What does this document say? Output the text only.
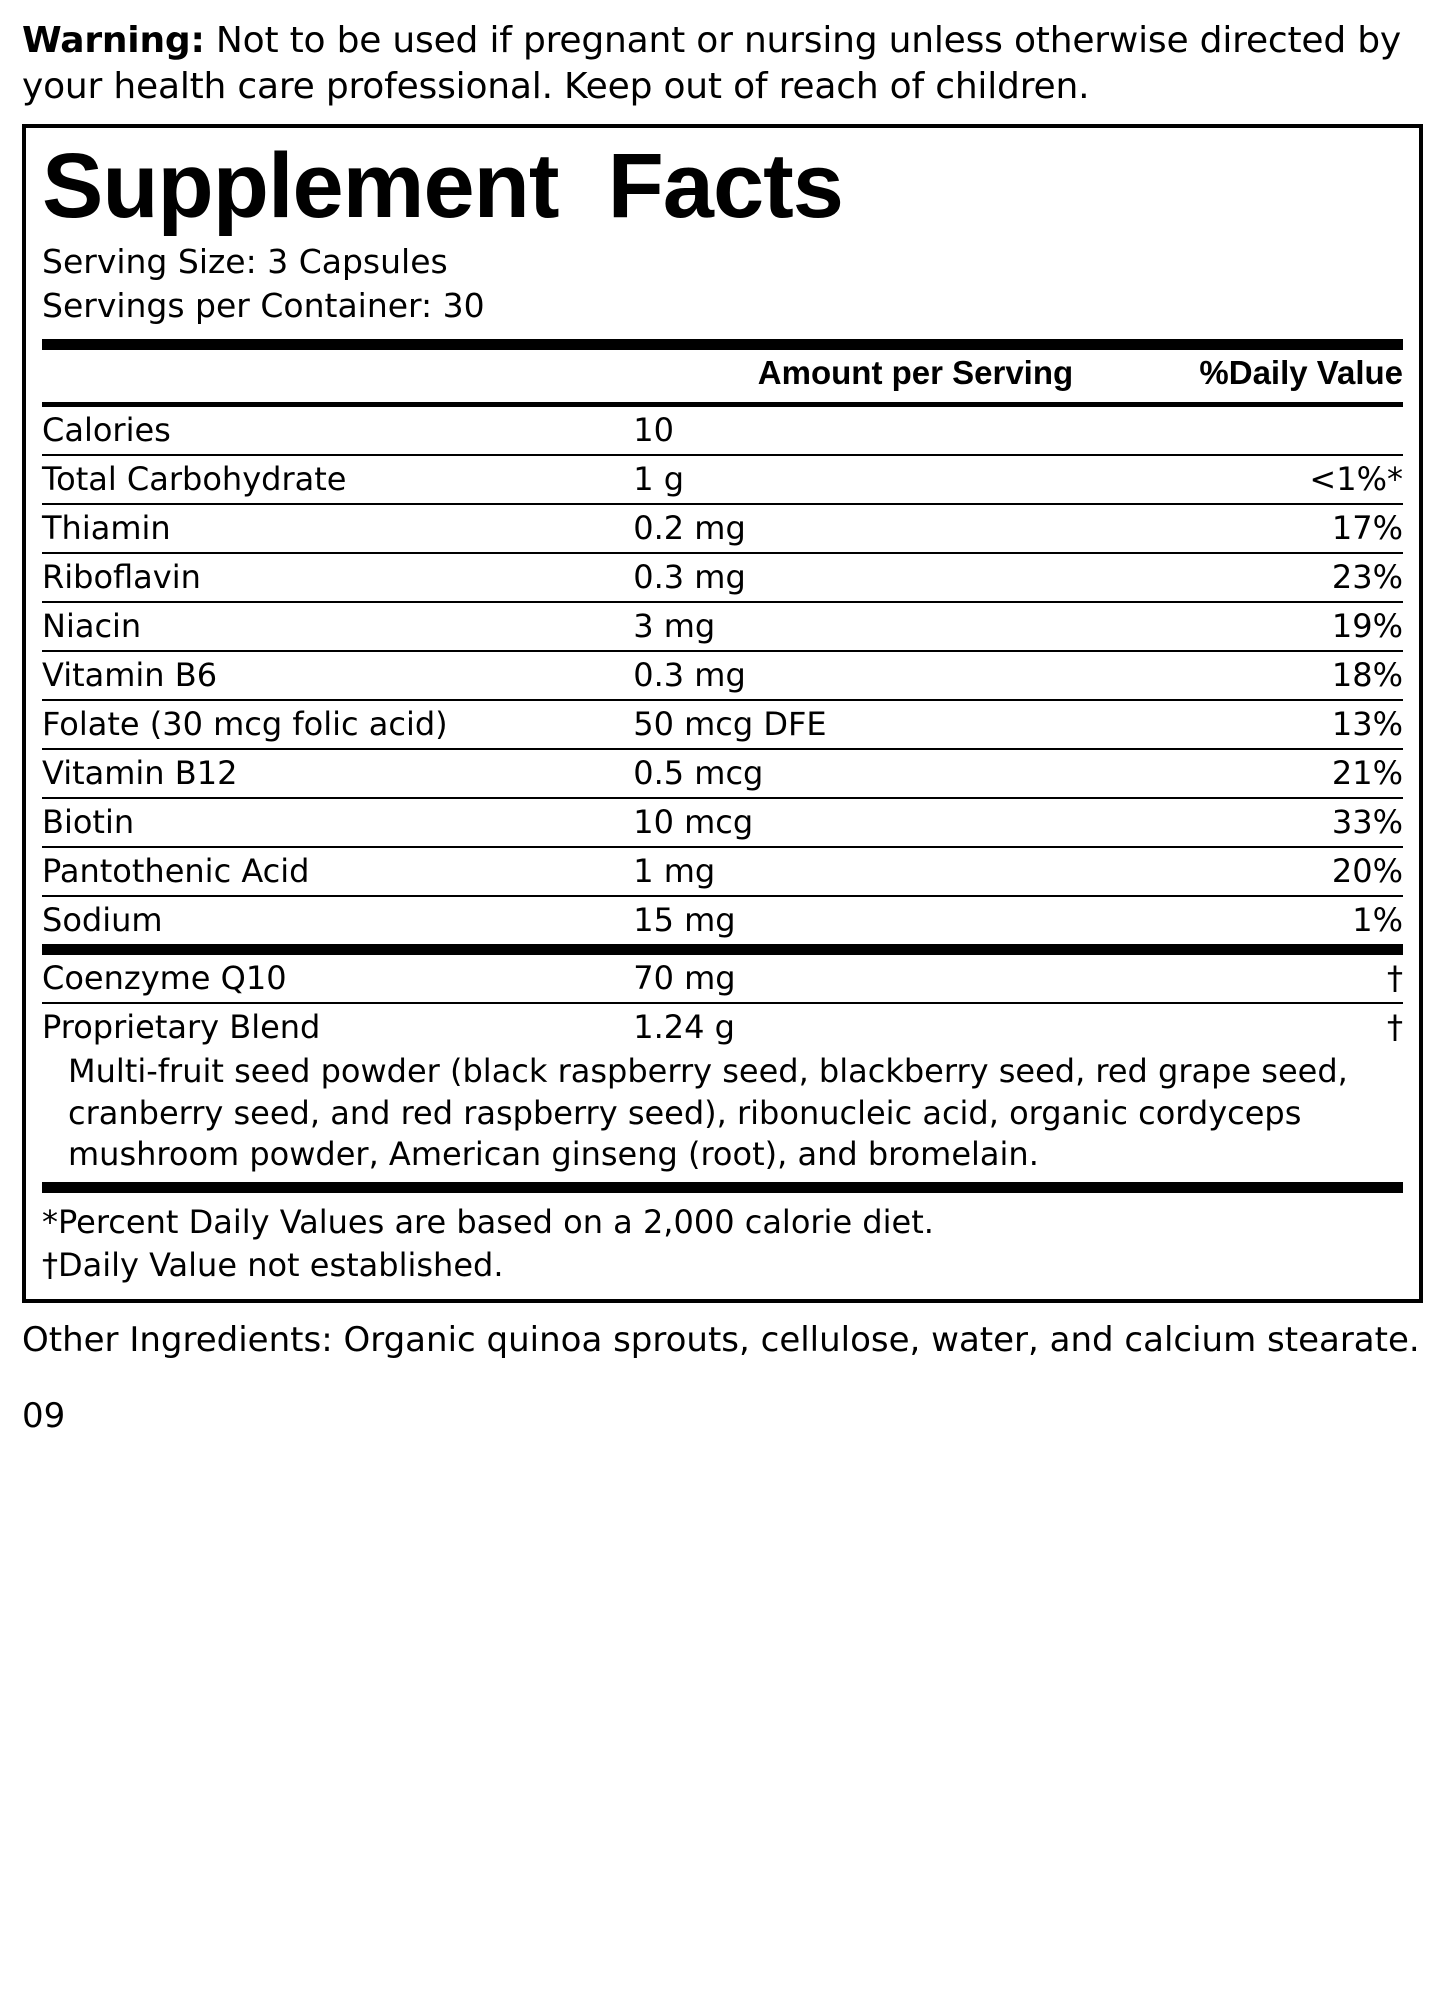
Warning: Not to be used if pregnant or nursing unless otherwise directed by your health care professional. Keep out of reach of children.

Supplement  Facts
Serving Size: 3 Capsules
Servings per Container: 30
	Amount per Serving	%Daily Value
Calories	10	
Total Carbohydrate	1 g	<1%*
Thiamin	0.2 mg	17%
Riboflavin	0.3 mg	23%
Niacin	3 mg	19%
Vitamin B6	0.3 mg	18%
Folate (30 mcg folic acid)	50 mcg DFE	13%
Vitamin B12	0.5 mcg	21%
Biotin	10 mcg	33%
Pantothenic Acid	1 mg	20%
Sodium	15 mg	1%

Coenzyme Q10	70 mg	†
Proprietary Blend	1.24 g	†
Multi-fruit seed powder (black raspberry seed, blackberry seed, red grape seed, cranberry seed, and red raspberry seed), ribonucleic acid, organic cordyceps mushroom powder, American ginseng (root), and bromelain.		
*Percent Daily Values are based on a 2,000 calorie diet.
†Daily Value not established.

Other Ingredients: Organic quinoa sprouts, cellulose, water, and calcium stearate.

09
